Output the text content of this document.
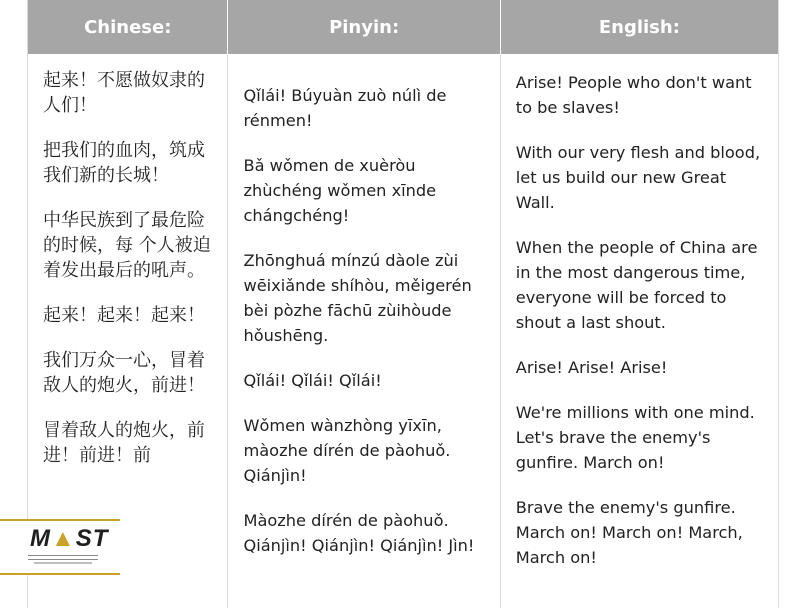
Chinese:	Pinyin:	English:

起来！不愿做奴隶的人们！

把我们的血肉，筑成我们新的长城！

中华民族到了最危险的时候，每 个人被迫着发出最后的吼声。

起来！起来！起来！

我们万众一心，冒着敌人的炮火，前进！

冒着敌人的炮火，前进！前进！前

Qǐlái! Búyuàn zuò núlì de rénmen!

Bǎ wǒmen de xuèròu zhùchéng wǒmen xīnde chángchéng!

Zhōnghuá mínzú dàole zùi wēixiǎnde shíhòu, měigerén bèi pòzhe fāchū zùihòude hǒushēng.

Qǐlái! Qǐlái! Qǐlái!

Wǒmen wànzhòng yīxīn, màozhe dírén de pàohuǒ. Qiánjìn!

Màozhe dírén de pàohuǒ. Qiánjìn! Qiánjìn! Qiánjìn! Jìn!

Arise! People who don't want to be slaves!

With our very flesh and blood, let us build our new Great Wall.

When the people of China are in the most dangerous time, everyone will be forced to shout a last shout.

Arise! Arise! Arise!

We're millions with one mind. Let's brave the enemy's gunfire. March on!

Brave the enemy's gunfire. March on! March on! March, March on!

M▲ST
